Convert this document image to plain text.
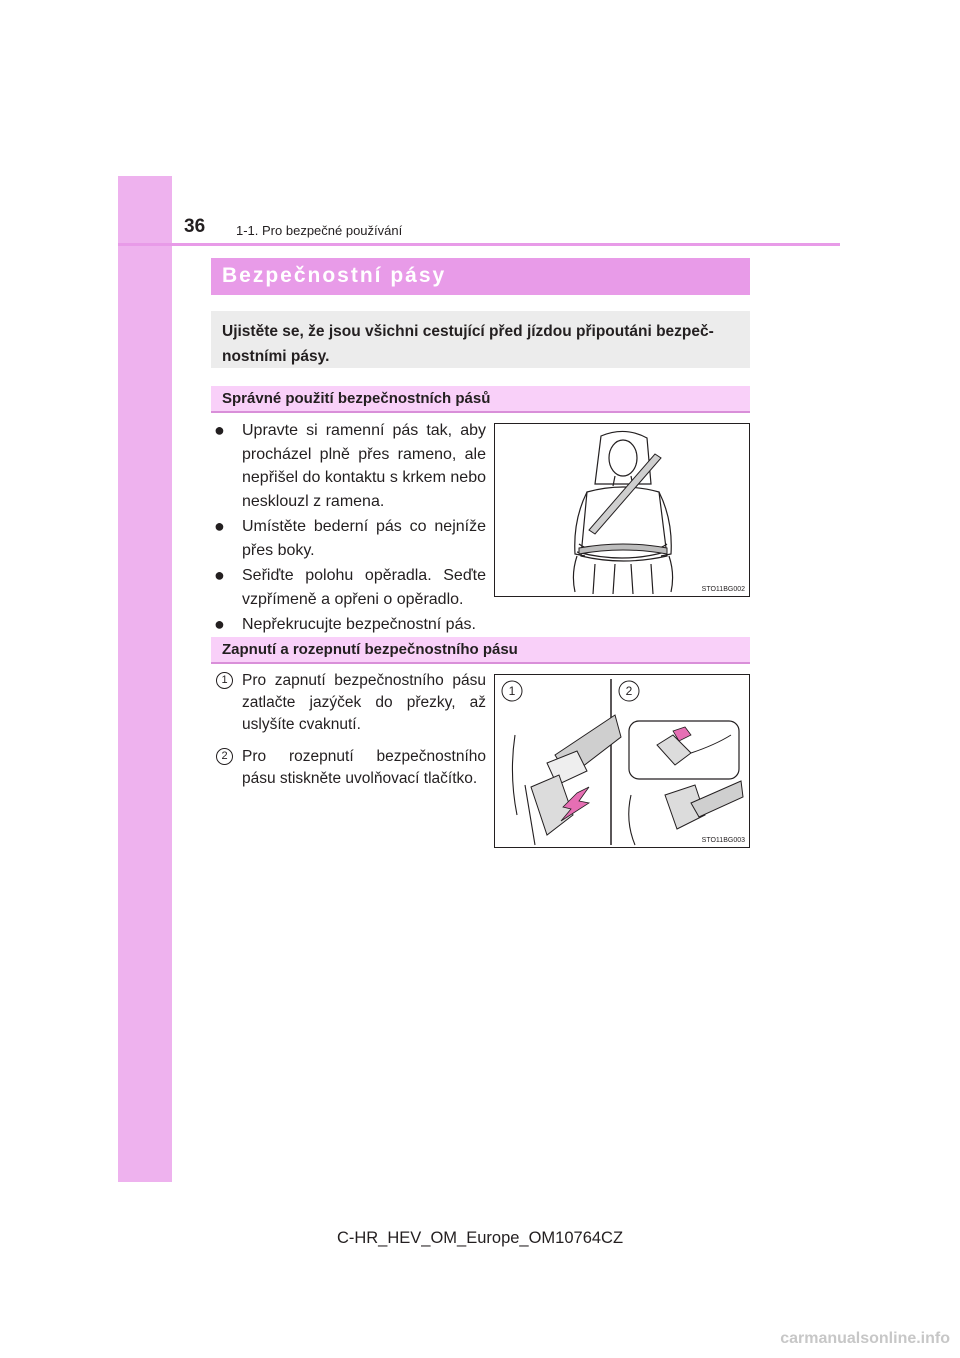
36 1-1. Pro bezpečné používání
Bezpečnostní pásy
Ujistěte se, že jsou všichni cestující před jízdou připoutáni bezpeč-nostními pásy.
Správné použití bezpečnostních pásů
● Upravte si ramenní pás tak, aby procházel plně přes rameno, ale nepřišel do kontaktu s krkem nebo nesklouzl z ramena.
● Umístěte bederní pás co nejníže přes boky.
● Seřiďte polohu opěradla. Seďte vzpřímeně a opřeni o opěradlo.
● Nepřekrucujte bezpečnostní pás.
STO11BG002
Zapnutí a rozepnutí bezpečnostního pásu
1 Pro zapnutí bezpečnostního pásu zatlačte jazýček do přezky, až uslyšíte cvaknutí.
2 Pro rozepnutí bezpečnostního pásu stiskněte uvolňovací tlačítko.
1	2
STO11BG003
C-HR_HEV_OM_Europe_OM10764CZ
carmanualsonline.info
